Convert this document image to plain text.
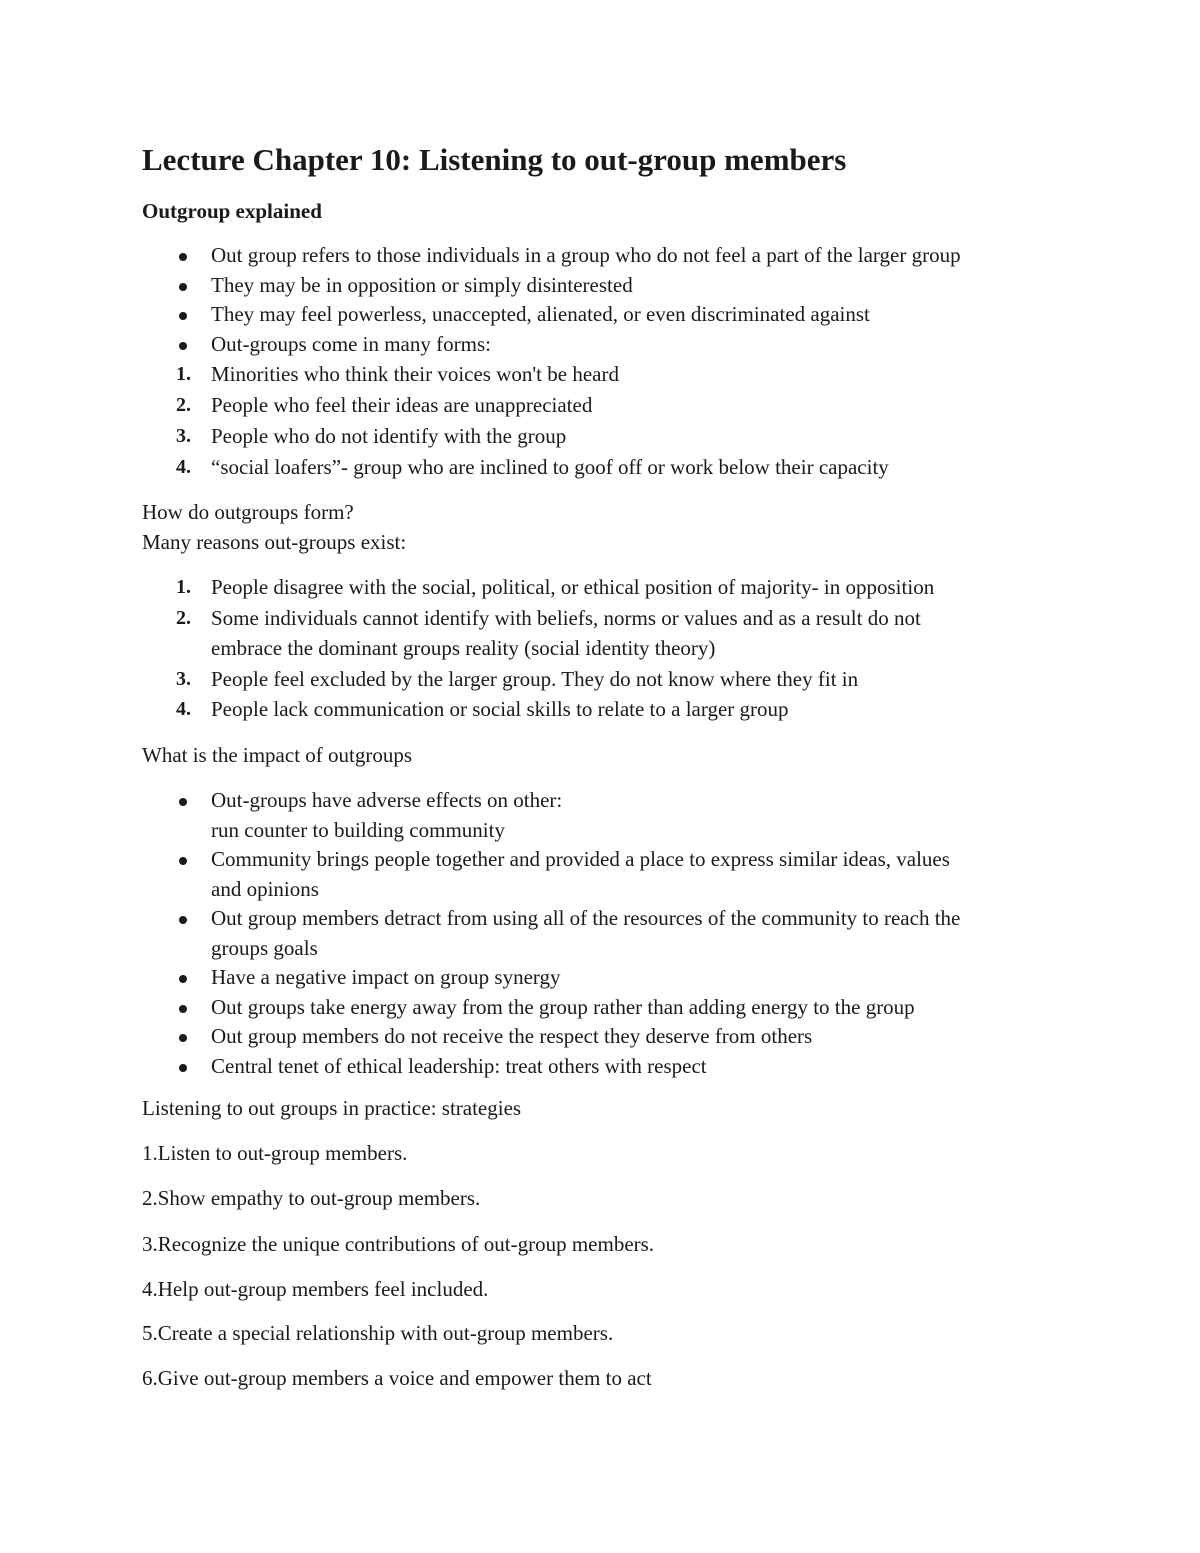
Lecture Chapter 10: Listening to out-group members
Outgroup explained
Out group refers to those individuals in a group who do not feel a part of the larger group
They may be in opposition or simply disinterested
They may feel powerless, unaccepted, alienated, or even discriminated against
Out-groups come in many forms:
1. Minorities who think their voices won't be heard
2. People who feel their ideas are unappreciated
3. People who do not identify with the group
4. “social loafers”- group who are inclined to goof off or work below their capacity

How do outgroups form?

Many reasons out-groups exist:

1. People disagree with the social, political, or ethical position of majority- in opposition
2. Some individuals cannot identify with beliefs, norms or values and as a result do not
embrace the dominant groups reality (social identity theory)
3. People feel excluded by the larger group. They do not know where they fit in
4. People lack communication or social skills to relate to a larger group

What is the impact of outgroups

Out-groups have adverse effects on other:
run counter to building community
Community brings people together and provided a place to express similar ideas, values
and opinions
Out group members detract from using all of the resources of the community to reach the
groups goals
Have a negative impact on group synergy
Out groups take energy away from the group rather than adding energy to the group
Out group members do not receive the respect they deserve from others
Central tenet of ethical leadership: treat others with respect

Listening to out groups in practice: strategies

1.Listen to out-group members.

2.Show empathy to out-group members.

3.Recognize the unique contributions of out-group members.

4.Help out-group members feel included.

5.Create a special relationship with out-group members.

6.Give out-group members a voice and empower them to act
